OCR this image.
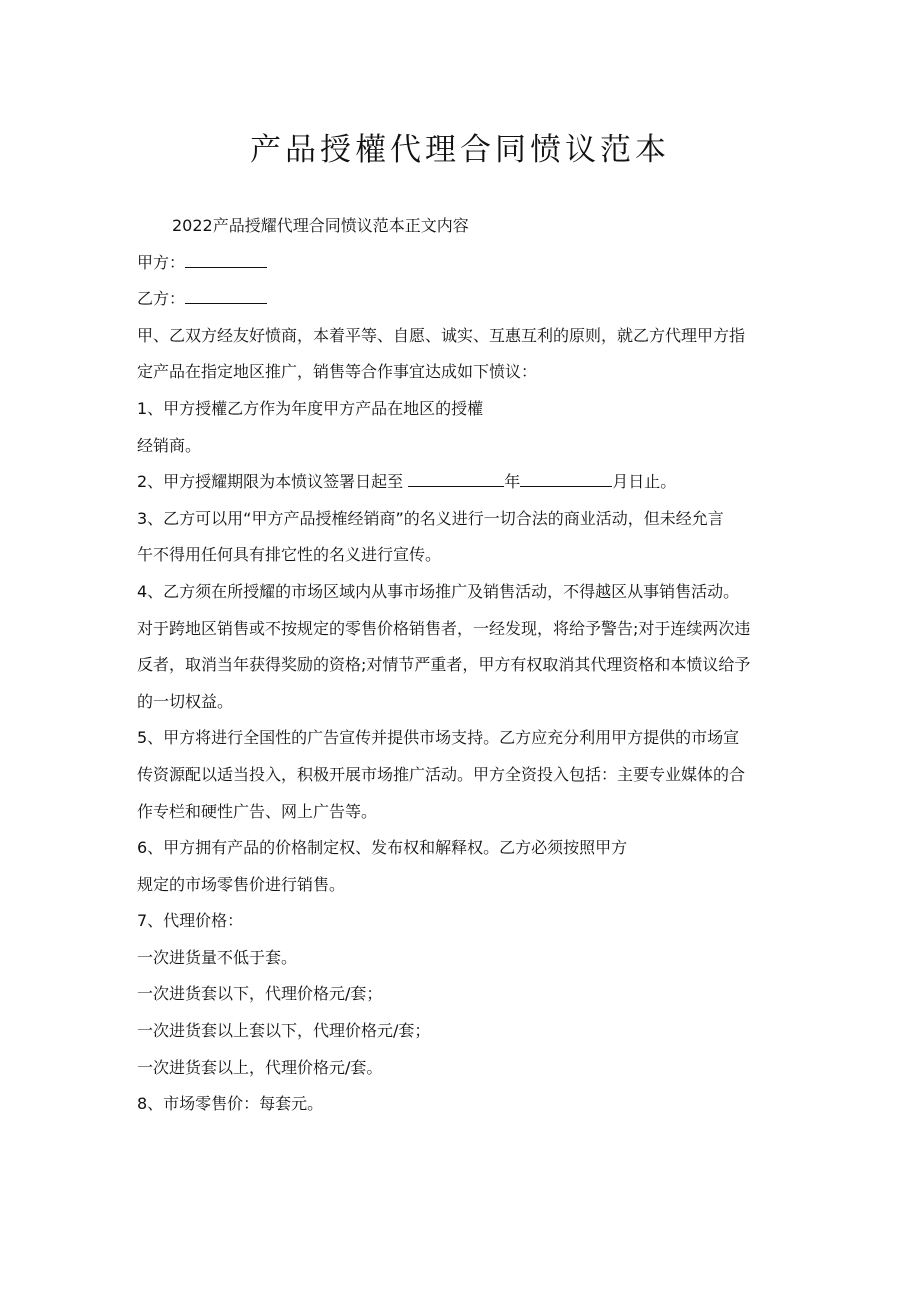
产品授權代理合同愤议范本
2022产品授耀代理合同愤议范本正文内容
甲方：
乙方：
甲、乙双方经友好愤商，本着平等、自愿、诚实、互惠互利的原则，就乙方代理甲方指
定产品在指定地区推广，销售等合作事宜达成如下愤议：
1、甲方授權乙方作为年度甲方产品在地区的授權
经销商。
2、甲方授耀期限为本愤议签署日起至	年	月日止。
3、乙方可以用“甲方产品授榷经销商”的名义进行一切合法的商业活动，但未经允言
午不得用任何具有排它性的名义进行宣传。
4、乙方须在所授耀的市场区域内从事市场推广及销售活动，不得越区从事销售活动。
对于跨地区销售或不按规定的零售价格销售者，一经发现，将给予警告;对于连续两次违
反者，取消当年获得奖励的资格;对情节严重者，甲方有权取消其代理资格和本愤议给予
的一切权益。
5、甲方将进行全国性的广告宣传并提供市场支持。乙方应充分利用甲方提供的市场宣
传资源配以适当投入，积极开展市场推广活动。甲方全资投入包括：主要专业媒体的合
作专栏和硬性广告、网上广告等。
6、甲方拥有产品的价格制定权、发布权和解释权。乙方必须按照甲方
规定的市场零售价进行销售。
7、代理价格：
一次进货量不低于套。
一次进货套以下，代理价格元/套；
一次进货套以上套以下，代理价格元/套；
一次进货套以上，代理价格元/套。
8、市场零售价：每套元。
